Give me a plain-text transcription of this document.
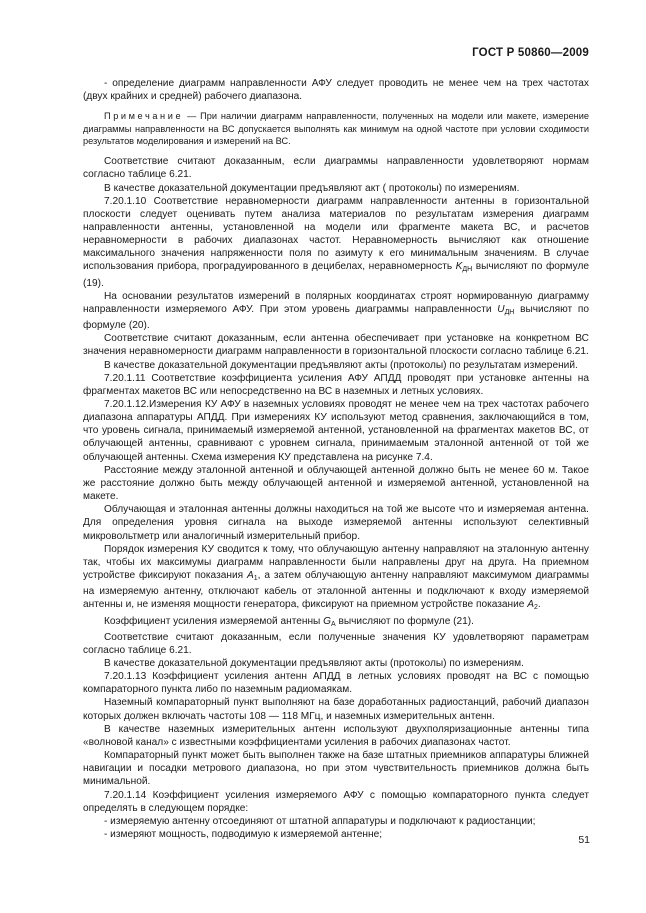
ГОСТ Р 50860—2009

- определение диаграмм направленности АФУ следует проводить не менее чем на трех частотах (двух крайних и средней) рабочего диапазона.

Примечание — При наличии диаграмм направленности, полученных на модели или макете, измерение диаграммы направленности на ВС допускается выполнять как минимум на одной частоте при условии сходимости результатов моделирования и измерений на ВС.

Соответствие считают доказанным, если диаграммы направленности удовлетворяют нормам согласно таблице 6.21.

В качестве доказательной документации предъявляют акт ( протоколы) по измерениям.

7.20.1.10 Соответствие неравномерности диаграмм направленности антенны в горизонтальной плоскости следует оценивать путем анализа материалов по результатам измерения диаграмм направленности антенны, установленной на модели или фрагменте макета ВС, и расчетов неравномерности в рабочих диапазонах частот. Неравномерность вычисляют как отношение максимального значения напряженности поля по азимуту к его минимальным значениям. В случае использования прибора, проградуированного в децибелах, неравномерность $K_{ДН}$ вычисляют по формуле (19).

На основании результатов измерений в полярных координатах строят нормированную диаграмму направленности измеряемого АФУ. При этом уровень диаграммы направленности $U_{ДН}$ вычисляют по формуле (20).

Соответствие считают доказанным, если антенна обеспечивает при установке на конкретном ВС значения неравномерности диаграмм направленности в горизонтальной плоскости согласно таблице 6.21.

В качестве доказательной документации предъявляют акты (протоколы) по результатам измерений.

7.20.1.11 Соответствие коэффициента усиления АФУ АПДД проводят при установке антенны на фрагментах макетов ВС или непосредственно на ВС в наземных и летных условиях.

7.20.1.12.Измерения КУ АФУ в наземных условиях проводят не менее чем на трех частотах рабочего диапазона аппаратуры АПДД. При измерениях КУ используют метод сравнения, заключающийся в том, что уровень сигнала, принимаемый измеряемой антенной, установленной на фрагментах макетов ВС, от облучающей антенны, сравнивают с уровнем сигнала, принимаемым эталонной антенной от той же облучающей антенны. Схема измерения КУ представлена на рисунке 7.4.

Расстояние между эталонной антенной и облучающей антенной должно быть не менее 60 м. Такое же расстояние должно быть между облучающей антенной и измеряемой антенной, установленной на макете.

Облучающая и эталонная антенны должны находиться на той же высоте что и измеряемая антенна. Для определения уровня сигнала на выходе измеряемой антенны используют селективный микровольтметр или аналогичный измерительный прибор.

Порядок измерения КУ сводится к тому, что облучающую антенну направляют на эталонную антенну так, чтобы их максимумы диаграмм направленности были направлены друг на друга. На приемном устройстве фиксируют показания $A_1$, а затем облучающую антенну направляют максимумом диаграммы на измеряемую антенну, отключают кабель от эталонной антенны и подключают к входу измеряемой антенны и, не изменяя мощности генератора, фиксируют на приемном устройстве показание $A_2$.

Коэффициент усиления измеряемой антенны $G_A$ вычисляют по формуле (21).

Соответствие считают доказанным, если полученные значения КУ удовлетворяют параметрам согласно таблице 6.21.

В качестве доказательной документации предъявляют акты (протоколы) по измерениям.

7.20.1.13 Коэффициент усиления антенн АПДД в летных условиях проводят на ВС с помощью компараторного пункта либо по наземным радиомаякам.

Наземный компараторный пункт выполняют на базе доработанных радиостанций, рабочий диапазон которых должен включать частоты 108 — 118 МГц, и наземных измерительных антенн.

В качестве наземных измерительных антенн используют двухполяризационные антенны типа «волновой канал» с известными коэффициентами усиления в рабочих диапазонах частот.

Компараторный пункт может быть выполнен также на базе штатных приемников аппаратуры ближней навигации и посадки метрового диапазона, но при этом чувствительность приемников должна быть минимальной.

7.20.1.14 Коэффициент усиления измеряемого АФУ с помощью компараторного пункта следует определять в следующем порядке:

- измеряемую антенну отсоединяют от штатной аппаратуры и подключают к радиостанции;

- измеряют мощность, подводимую к измеряемой антенне;	51
